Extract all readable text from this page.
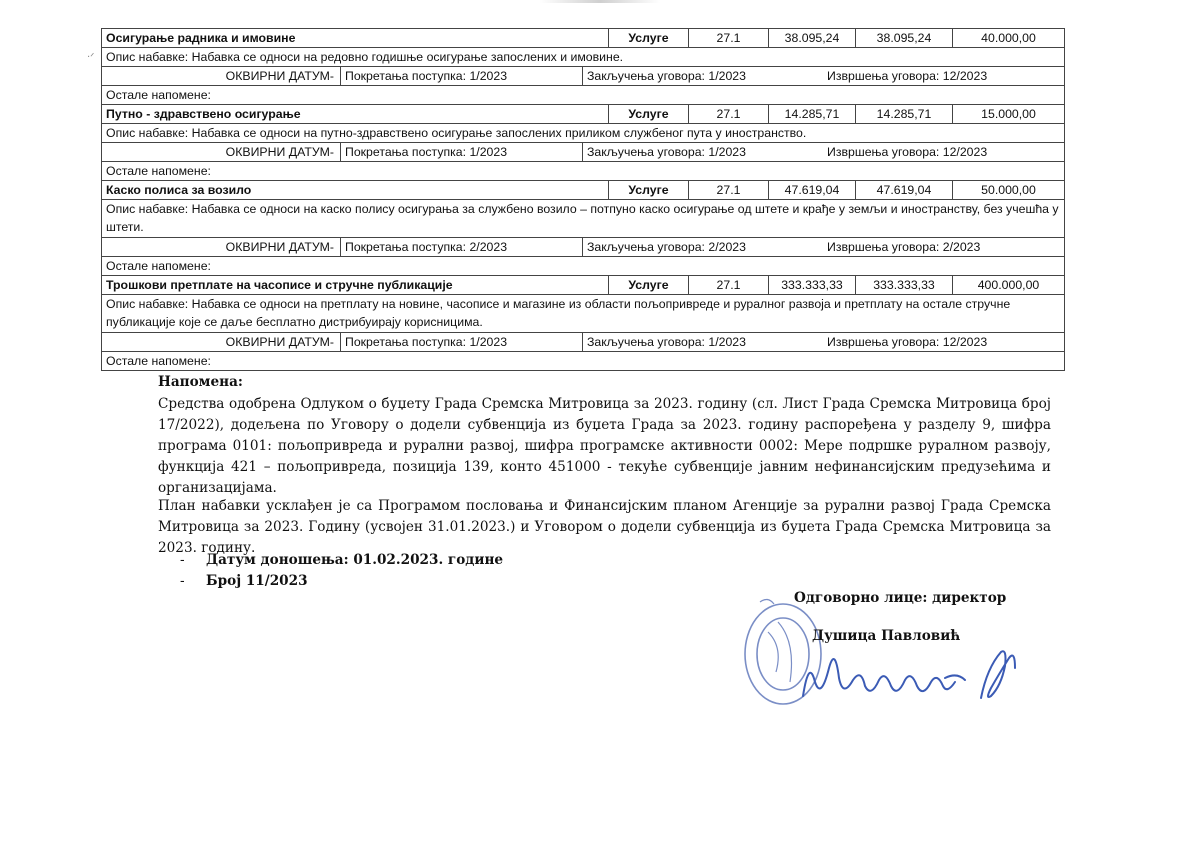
·ᐟ
Осигурање радника и имовине	Услуге	27.1	38.095,24	38.095,24	40.000,00
Опис набавке: Набавка се односи на редовно годишње осигурање запослених и имовине.
ОКВИРНИ ДАТУМ- Покретања поступка: 1/2023	Закључења уговора: 1/2023	Извршења уговора: 12/2023
Остале напомене:
Путно - здравствено осигурање	Услуге	27.1	14.285,71	14.285,71	15.000,00
Опис набавке: Набавка се односи на путно-здравствено осигурање запослених приликом службеног пута у иностранство.
ОКВИРНИ ДАТУМ- Покретања поступка: 1/2023	Закључења уговора: 1/2023	Извршења уговора: 12/2023
Остале напомене:
Каско полиса за возило	Услуге	27.1	47.619,04	47.619,04	50.000,00
Опис набавке: Набавка се односи на каско полису осигурања за службено возило – потпуно каско осигурање од штете и крађе у земљи и иностранству, без учешћа у штети.
ОКВИРНИ ДАТУМ- Покретања поступка: 2/2023	Закључења уговора: 2/2023	Извршења уговора: 2/2023
Остале напомене:
Трошкови претплате на часописе и стручне публикације	Услуге	27.1	333.333,33	333.333,33	400.000,00
Опис набавке: Набавка се односи на претплату на новине, часописе и магазине из области пољопривреде и руралног развоја и претплату на остале стручне публикације које се даље бесплатно дистрибуирају корисницима.
ОКВИРНИ ДАТУМ- Покретања поступка: 1/2023	Закључења уговора: 1/2023	Извршења уговора: 12/2023
Остале напомене:
Напомена:
Средства одобрена Одлуком о буџету Града Сремска Митровица за 2023. годину (сл. Лист Града Сремска Митровица број 17/2022), додељена по Уговору о додели субвенција из буџета Града за 2023. годину распоређена у разделу 9, шифра програма 0101: пољопривреда и рурални развој, шифра програмске активности 0002: Мере подршке руралном развоју, функција 421 – пољопривреда, позиција 139, конто 451000 - текуће субвенције јавним нефинансијским предузећима и организацијама.
План набавки усклађен је са Програмом пословања и Финансијским планом Агенције за рурални развој Града Сремска Митровица за 2023. Годину (усвојен 31.01.2023.) и Уговором о додели субвенција из буџета Града Сремска Митровица за 2023. годину.
- Датум доношења: 01.02.2023. године
- Број 11/2023
Одговорно лице: директор
Душица Павловић
